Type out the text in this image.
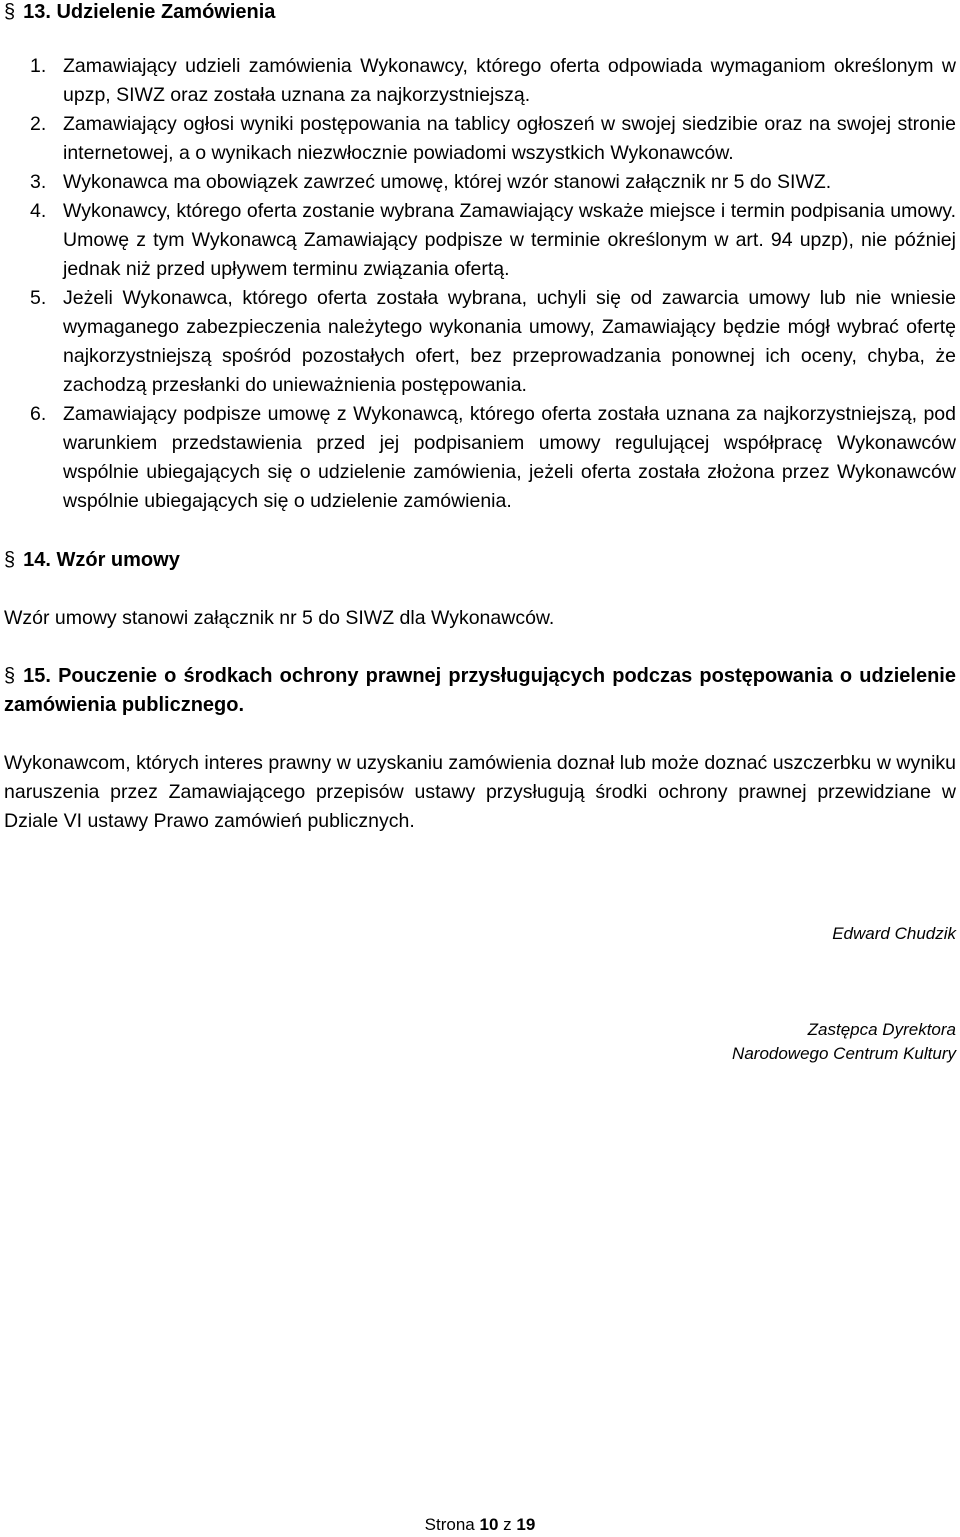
§ 13. Udzielenie Zamówienia
1. Zamawiający udzieli zamówienia Wykonawcy, którego oferta odpowiada wymaganiom określonym w upzp, SIWZ oraz została uznana za najkorzystniejszą.
2. Zamawiający ogłosi wyniki postępowania na tablicy ogłoszeń w swojej siedzibie oraz na swojej stronie internetowej, a o wynikach niezwłocznie powiadomi wszystkich Wykonawców.
3. Wykonawca ma obowiązek zawrzeć umowę, której wzór stanowi załącznik nr 5 do SIWZ.
4. Wykonawcy, którego oferta zostanie wybrana Zamawiający wskaże miejsce i termin podpisania umowy. Umowę z tym Wykonawcą Zamawiający podpisze w terminie określonym w art. 94 upzp), nie później jednak niż przed upływem terminu związania ofertą.
5. Jeżeli Wykonawca, którego oferta została wybrana, uchyli się od zawarcia umowy lub nie wniesie wymaganego zabezpieczenia należytego wykonania umowy, Zamawiający będzie mógł wybrać ofertę najkorzystniejszą spośród pozostałych ofert, bez przeprowadzania ponownej ich oceny, chyba, że zachodzą przesłanki do unieważnienia postępowania.
6. Zamawiający podpisze umowę z Wykonawcą, którego oferta została uznana za najkorzystniejszą, pod warunkiem przedstawienia przed jej podpisaniem umowy regulującej współpracę Wykonawców wspólnie ubiegających się o udzielenie zamówienia, jeżeli oferta została złożona przez Wykonawców wspólnie ubiegających się o udzielenie zamówienia.
§ 14. Wzór umowy
Wzór umowy stanowi załącznik nr 5 do SIWZ dla Wykonawców.
§ 15. Pouczenie o środkach ochrony prawnej przysługujących podczas postępowania o udzielenie zamówienia publicznego.
Wykonawcom, których interes prawny w uzyskaniu zamówienia doznał lub może doznać uszczerbku w wyniku naruszenia przez Zamawiającego przepisów ustawy przysługują środki ochrony prawnej przewidziane w Dziale VI ustawy Prawo zamówień publicznych.
Edward Chudzik
Zastępca Dyrektora
Narodowego Centrum Kultury
Strona 10 z 19
